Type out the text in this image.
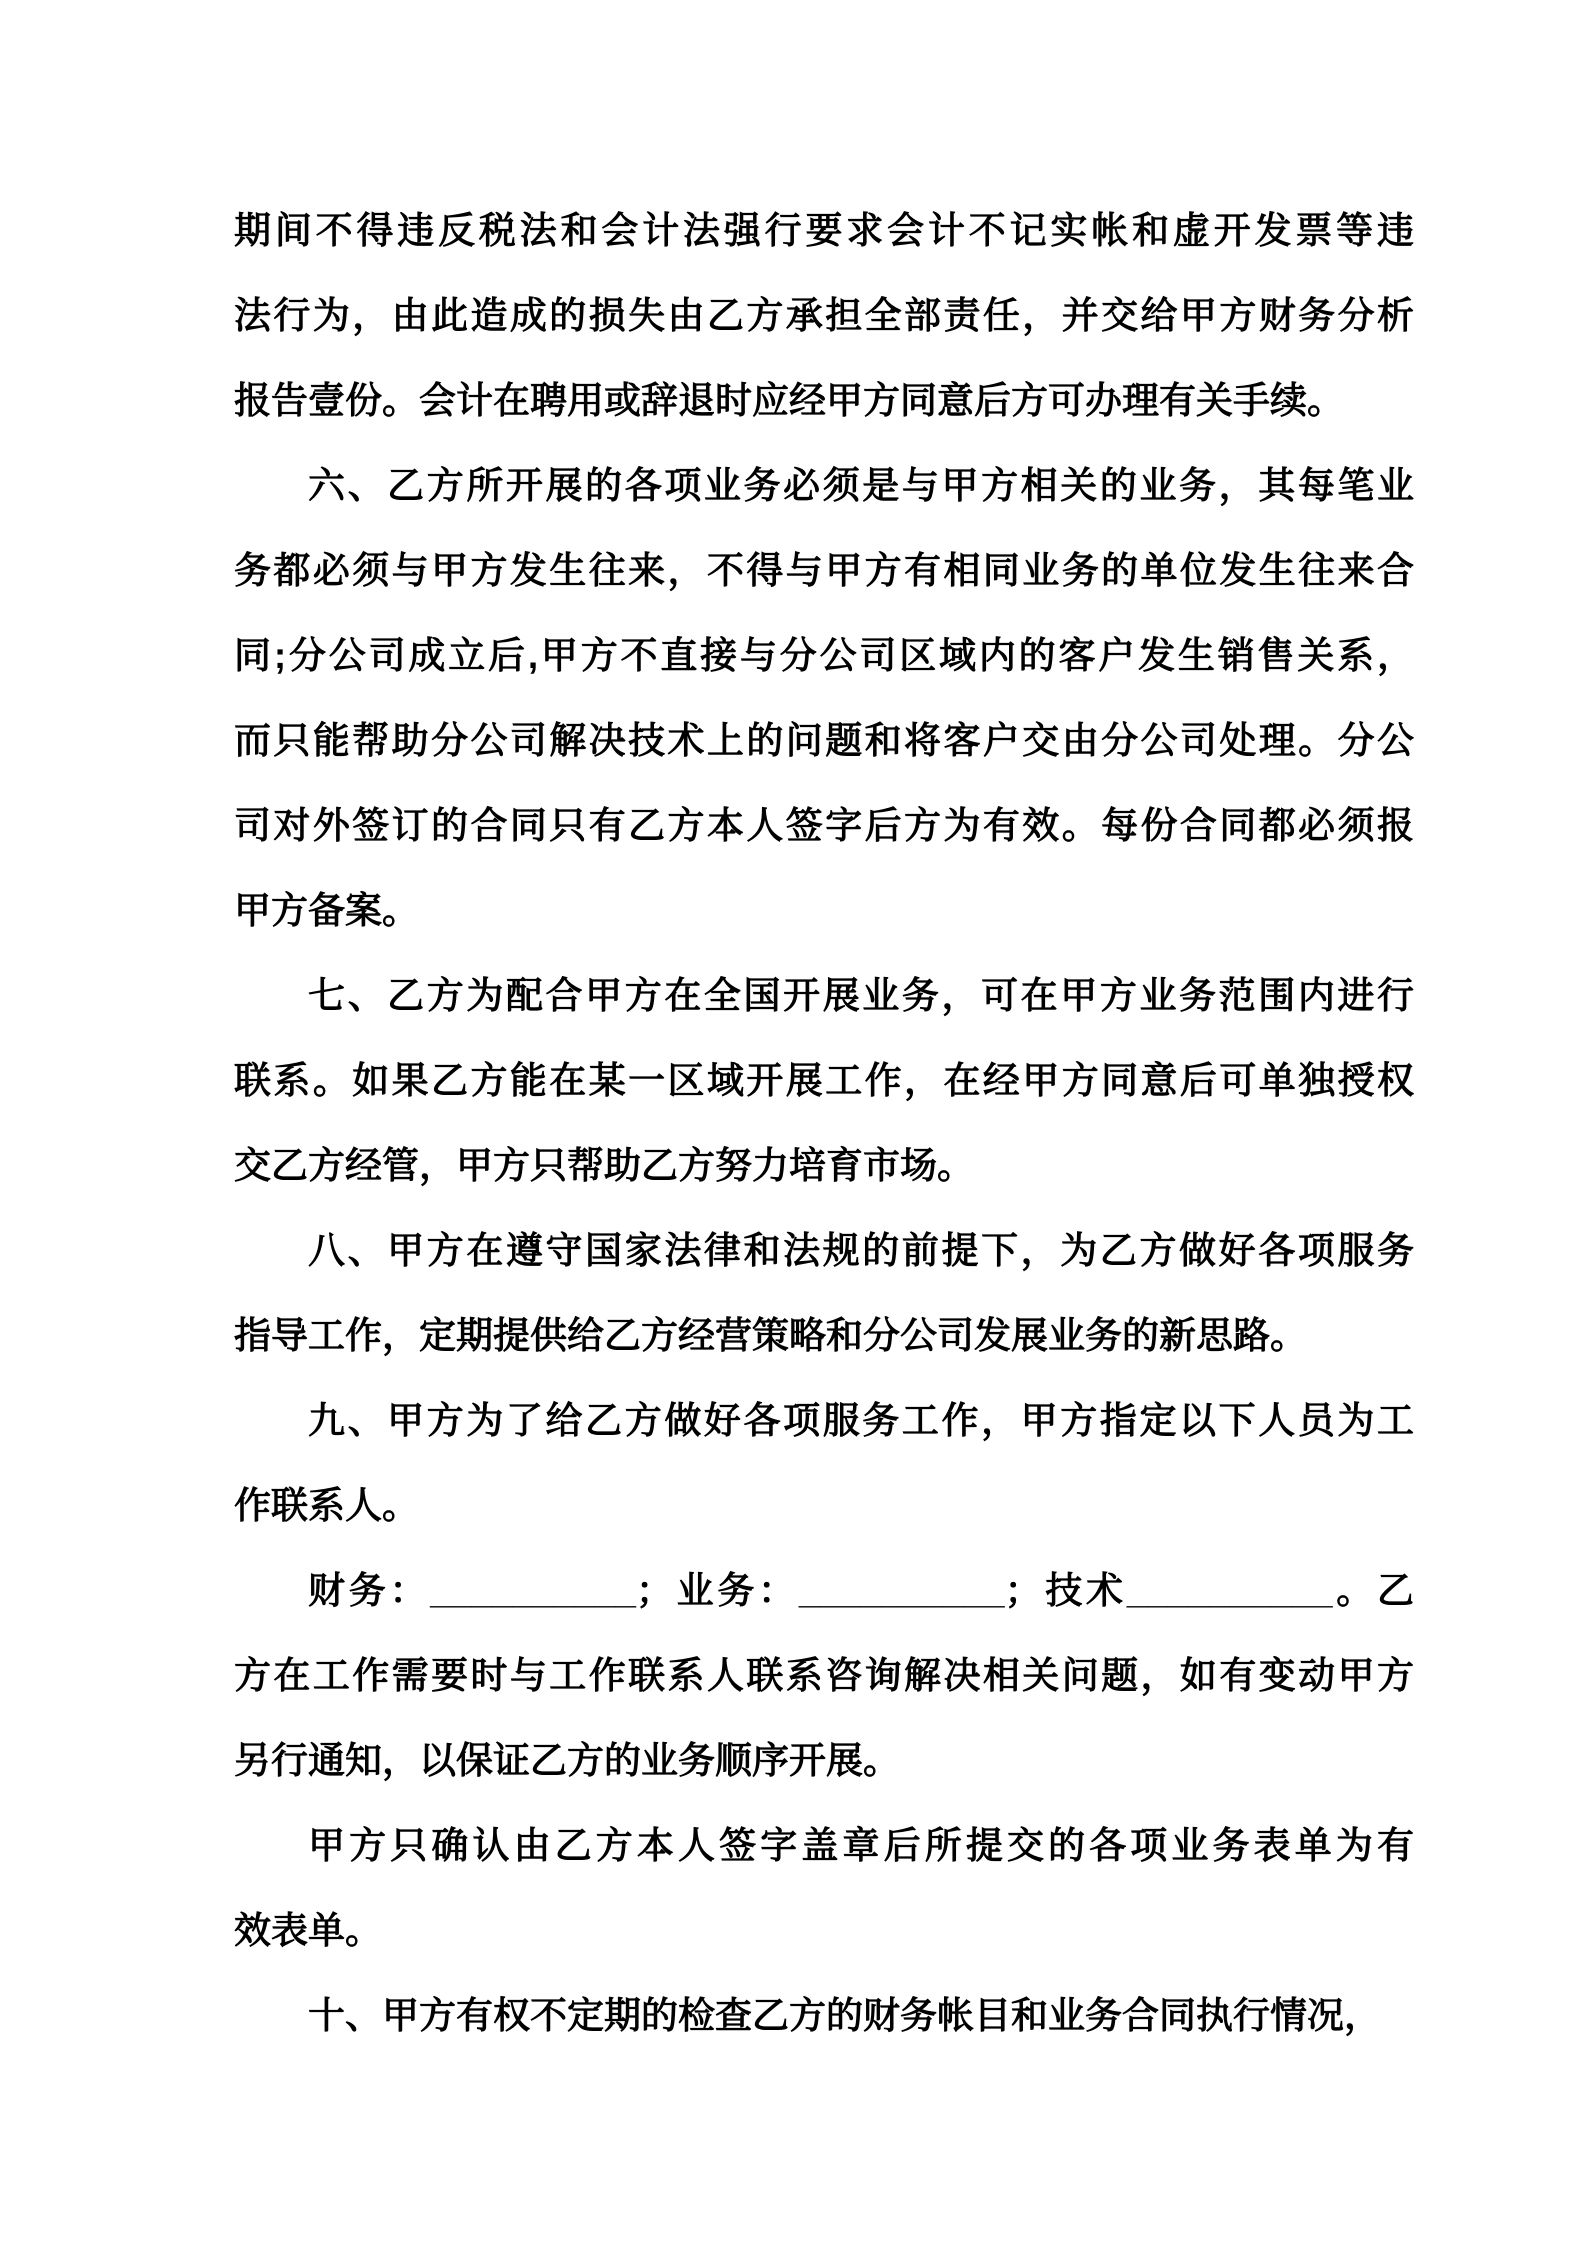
期间不得违反税法和会计法强行要求会计不记实帐和虚开发票等违
法行为，由此造成的损失由乙方承担全部责任，并交给甲方财务分析
报告壹份。会计在聘用或辞退时应经甲方同意后方可办理有关手续。
六、乙方所开展的各项业务必须是与甲方相关的业务，其每笔业
务都必须与甲方发生往来，不得与甲方有相同业务的单位发生往来合
同;分公司成立后,甲方不直接与分公司区域内的客户发生销售关系，
而只能帮助分公司解决技术上的问题和将客户交由分公司处理。分公
司对外签订的合同只有乙方本人签字后方为有效。每份合同都必须报
甲方备案。
七、乙方为配合甲方在全国开展业务，可在甲方业务范围内进行
联系。如果乙方能在某一区域开展工作，在经甲方同意后可单独授权
交乙方经管，甲方只帮助乙方努力培育市场。
八、甲方在遵守国家法律和法规的前提下，为乙方做好各项服务
指导工作，定期提供给乙方经营策略和分公司发展业务的新思路。
九、甲方为了给乙方做好各项服务工作，甲方指定以下人员为工
作联系人。
财务：__________；业务：__________；技术__________。乙
方在工作需要时与工作联系人联系咨询解决相关问题，如有变动甲方
另行通知，以保证乙方的业务顺序开展。
甲方只确认由乙方本人签字盖章后所提交的各项业务表单为有
效表单。
十、甲方有权不定期的检查乙方的财务帐目和业务合同执行情况，
